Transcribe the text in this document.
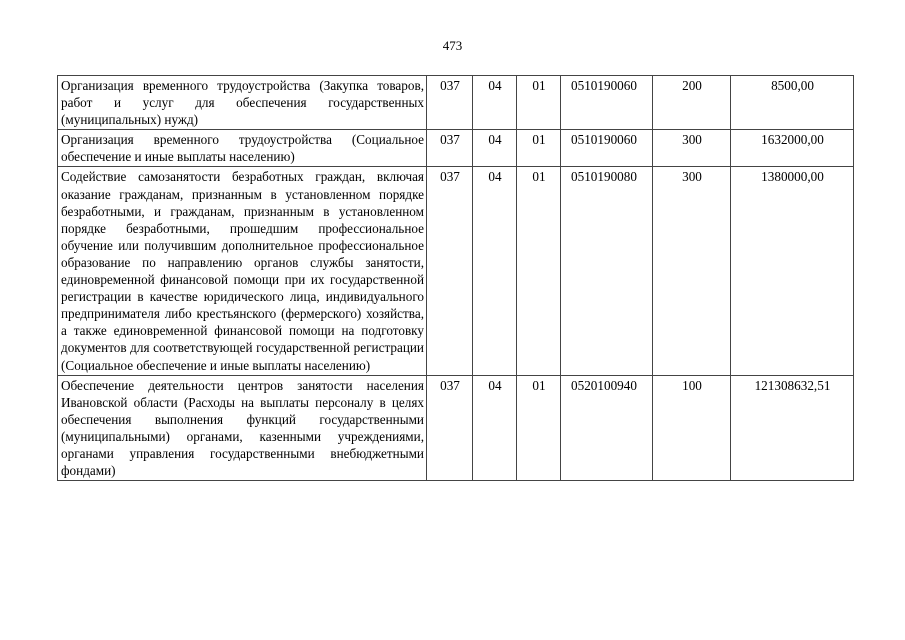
473
Организация временного трудоустройства (Закупка товаров, работ и услуг для обеспечения государственных (муниципальных) нужд)	037	04	01	0510190060	200	8500,00
Организация временного трудоустройства (Социальное обеспечение и иные выплаты населению)	037	04	01	0510190060	300	1632000,00
Содействие самозанятости безработных граждан, включая оказание гражданам, признанным в установленном порядке безработными, и гражданам, признанным в установленном порядке безработными, прошедшим профессиональное обучение или получившим дополнительное профессиональное образование по направлению органов службы занятости, единовременной финансовой помощи при их государственной регистрации в качестве юридического лица, индивидуального предпринимателя либо крестьянского (фермерского) хозяйства, а также единовременной финансовой помощи на подготовку документов для соответствующей государственной регистрации (Социальное обеспечение и иные выплаты населению)	037	04	01	0510190080	300	1380000,00
Обеспечение деятельности центров занятости населения Ивановской области (Расходы на выплаты персоналу в целях обеспечения выполнения функций государственными (муниципальными) органами, казенными учреждениями, органами управления государственными внебюджетными фондами)	037	04	01	0520100940	100	121308632,51
